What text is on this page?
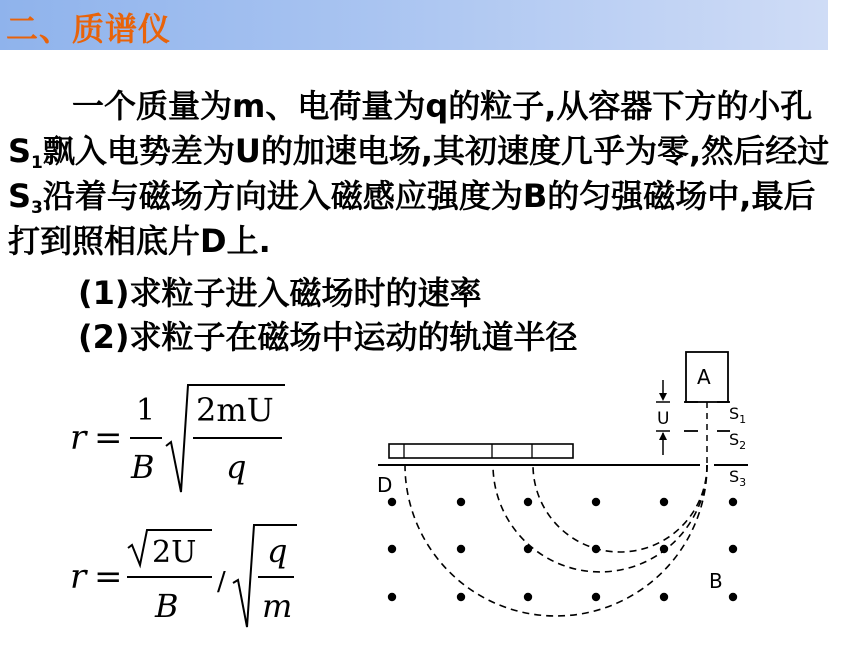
二、质谱仪
一个质量为m、电荷量为q的粒子,从容器下方的小孔$S_1$飘入电势差为U的加速电场,其初速度几乎为零,然后经过$S_3$沿着与磁场方向进入磁感应强度为B的匀强磁场中,最后打到照相底片D上.
(1)求粒子进入磁场时的速率
(2)求粒子在磁场中运动的轨道半径
r =
1
B
2mU
q
r =
2U
B
/
q
m
A
U	$S_1$
$S_2$
$S_3$
D
B
